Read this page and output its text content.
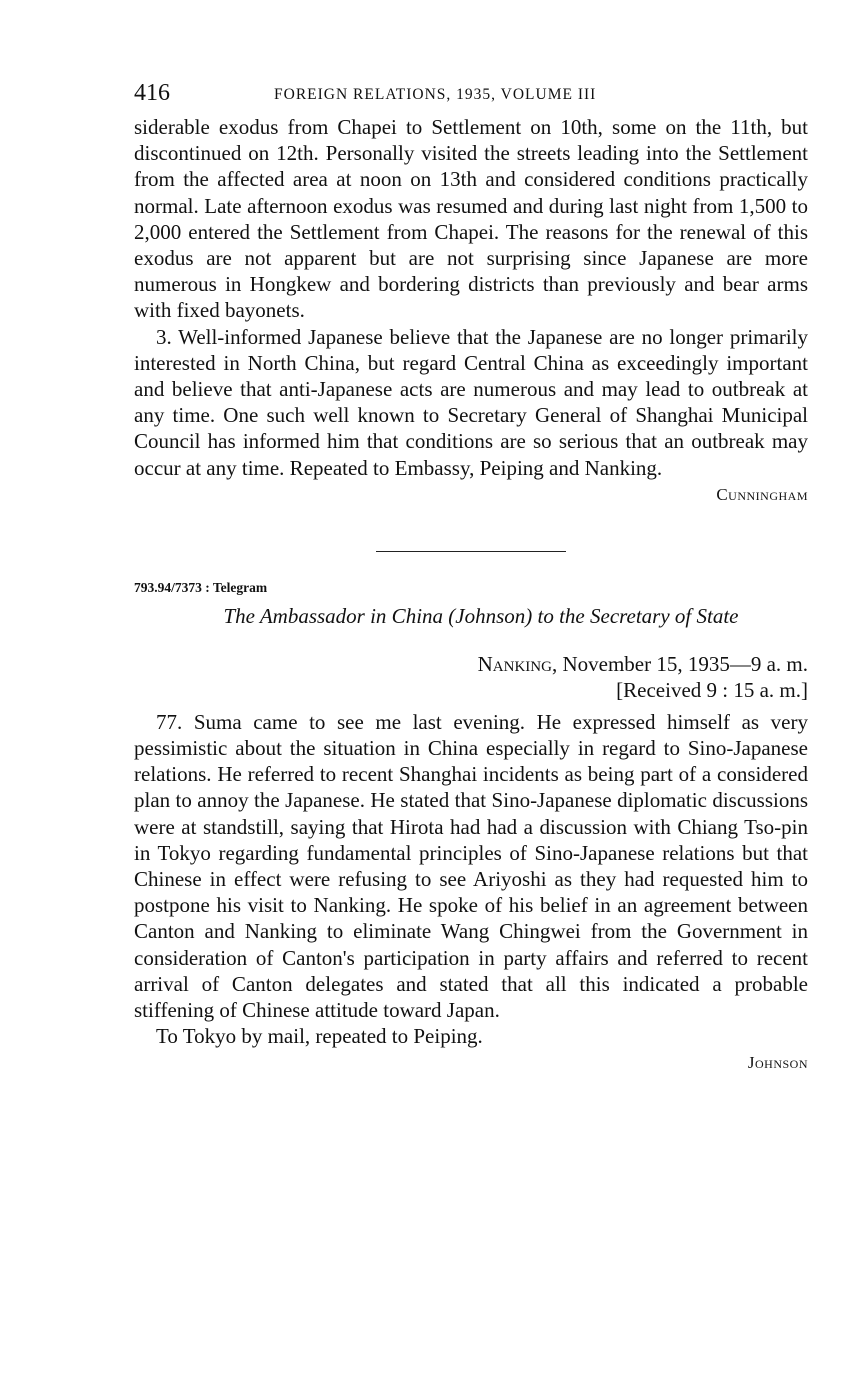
416	FOREIGN RELATIONS, 1935, VOLUME III

siderable exodus from Chapei to Settlement on 10th, some on the 11th, but discontinued on 12th. Personally visited the streets leading into the Settlement from the affected area at noon on 13th and considered conditions practically normal. Late afternoon exodus was resumed and during last night from 1,500 to 2,000 entered the Settlement from Chapei. The reasons for the renewal of this exodus are not apparent but are not surprising since Japanese are more numerous in Hongkew and bordering districts than previously and bear arms with fixed bayonets.

3. Well-informed Japanese believe that the Japanese are no longer primarily interested in North China, but regard Central China as exceedingly important and believe that anti-Japanese acts are numerous and may lead to outbreak at any time. One such well known to Secretary General of Shanghai Municipal Council has informed him that conditions are so serious that an outbreak may occur at any time. Repeated to Embassy, Peiping and Nanking.

Cunningham

793.94/7373 : Telegram

The Ambassador in China (Johnson) to the Secretary of State

Nanking, November 15, 1935—9 a. m.

[Received 9 : 15 a. m.]

77. Suma came to see me last evening. He expressed himself as very pessimistic about the situation in China especially in regard to Sino-Japanese relations. He referred to recent Shanghai incidents as being part of a considered plan to annoy the Japanese. He stated that Sino-Japanese diplomatic discussions were at standstill, saying that Hirota had had a discussion with Chiang Tso-pin in Tokyo regarding fundamental principles of Sino-Japanese relations but that Chinese in effect were refusing to see Ariyoshi as they had requested him to postpone his visit to Nanking. He spoke of his belief in an agreement between Canton and Nanking to eliminate Wang Chingwei from the Government in consideration of Canton's participation in party affairs and referred to recent arrival of Canton delegates and stated that all this indicated a probable stiffening of Chinese attitude toward Japan.

To Tokyo by mail, repeated to Peiping.

Johnson
